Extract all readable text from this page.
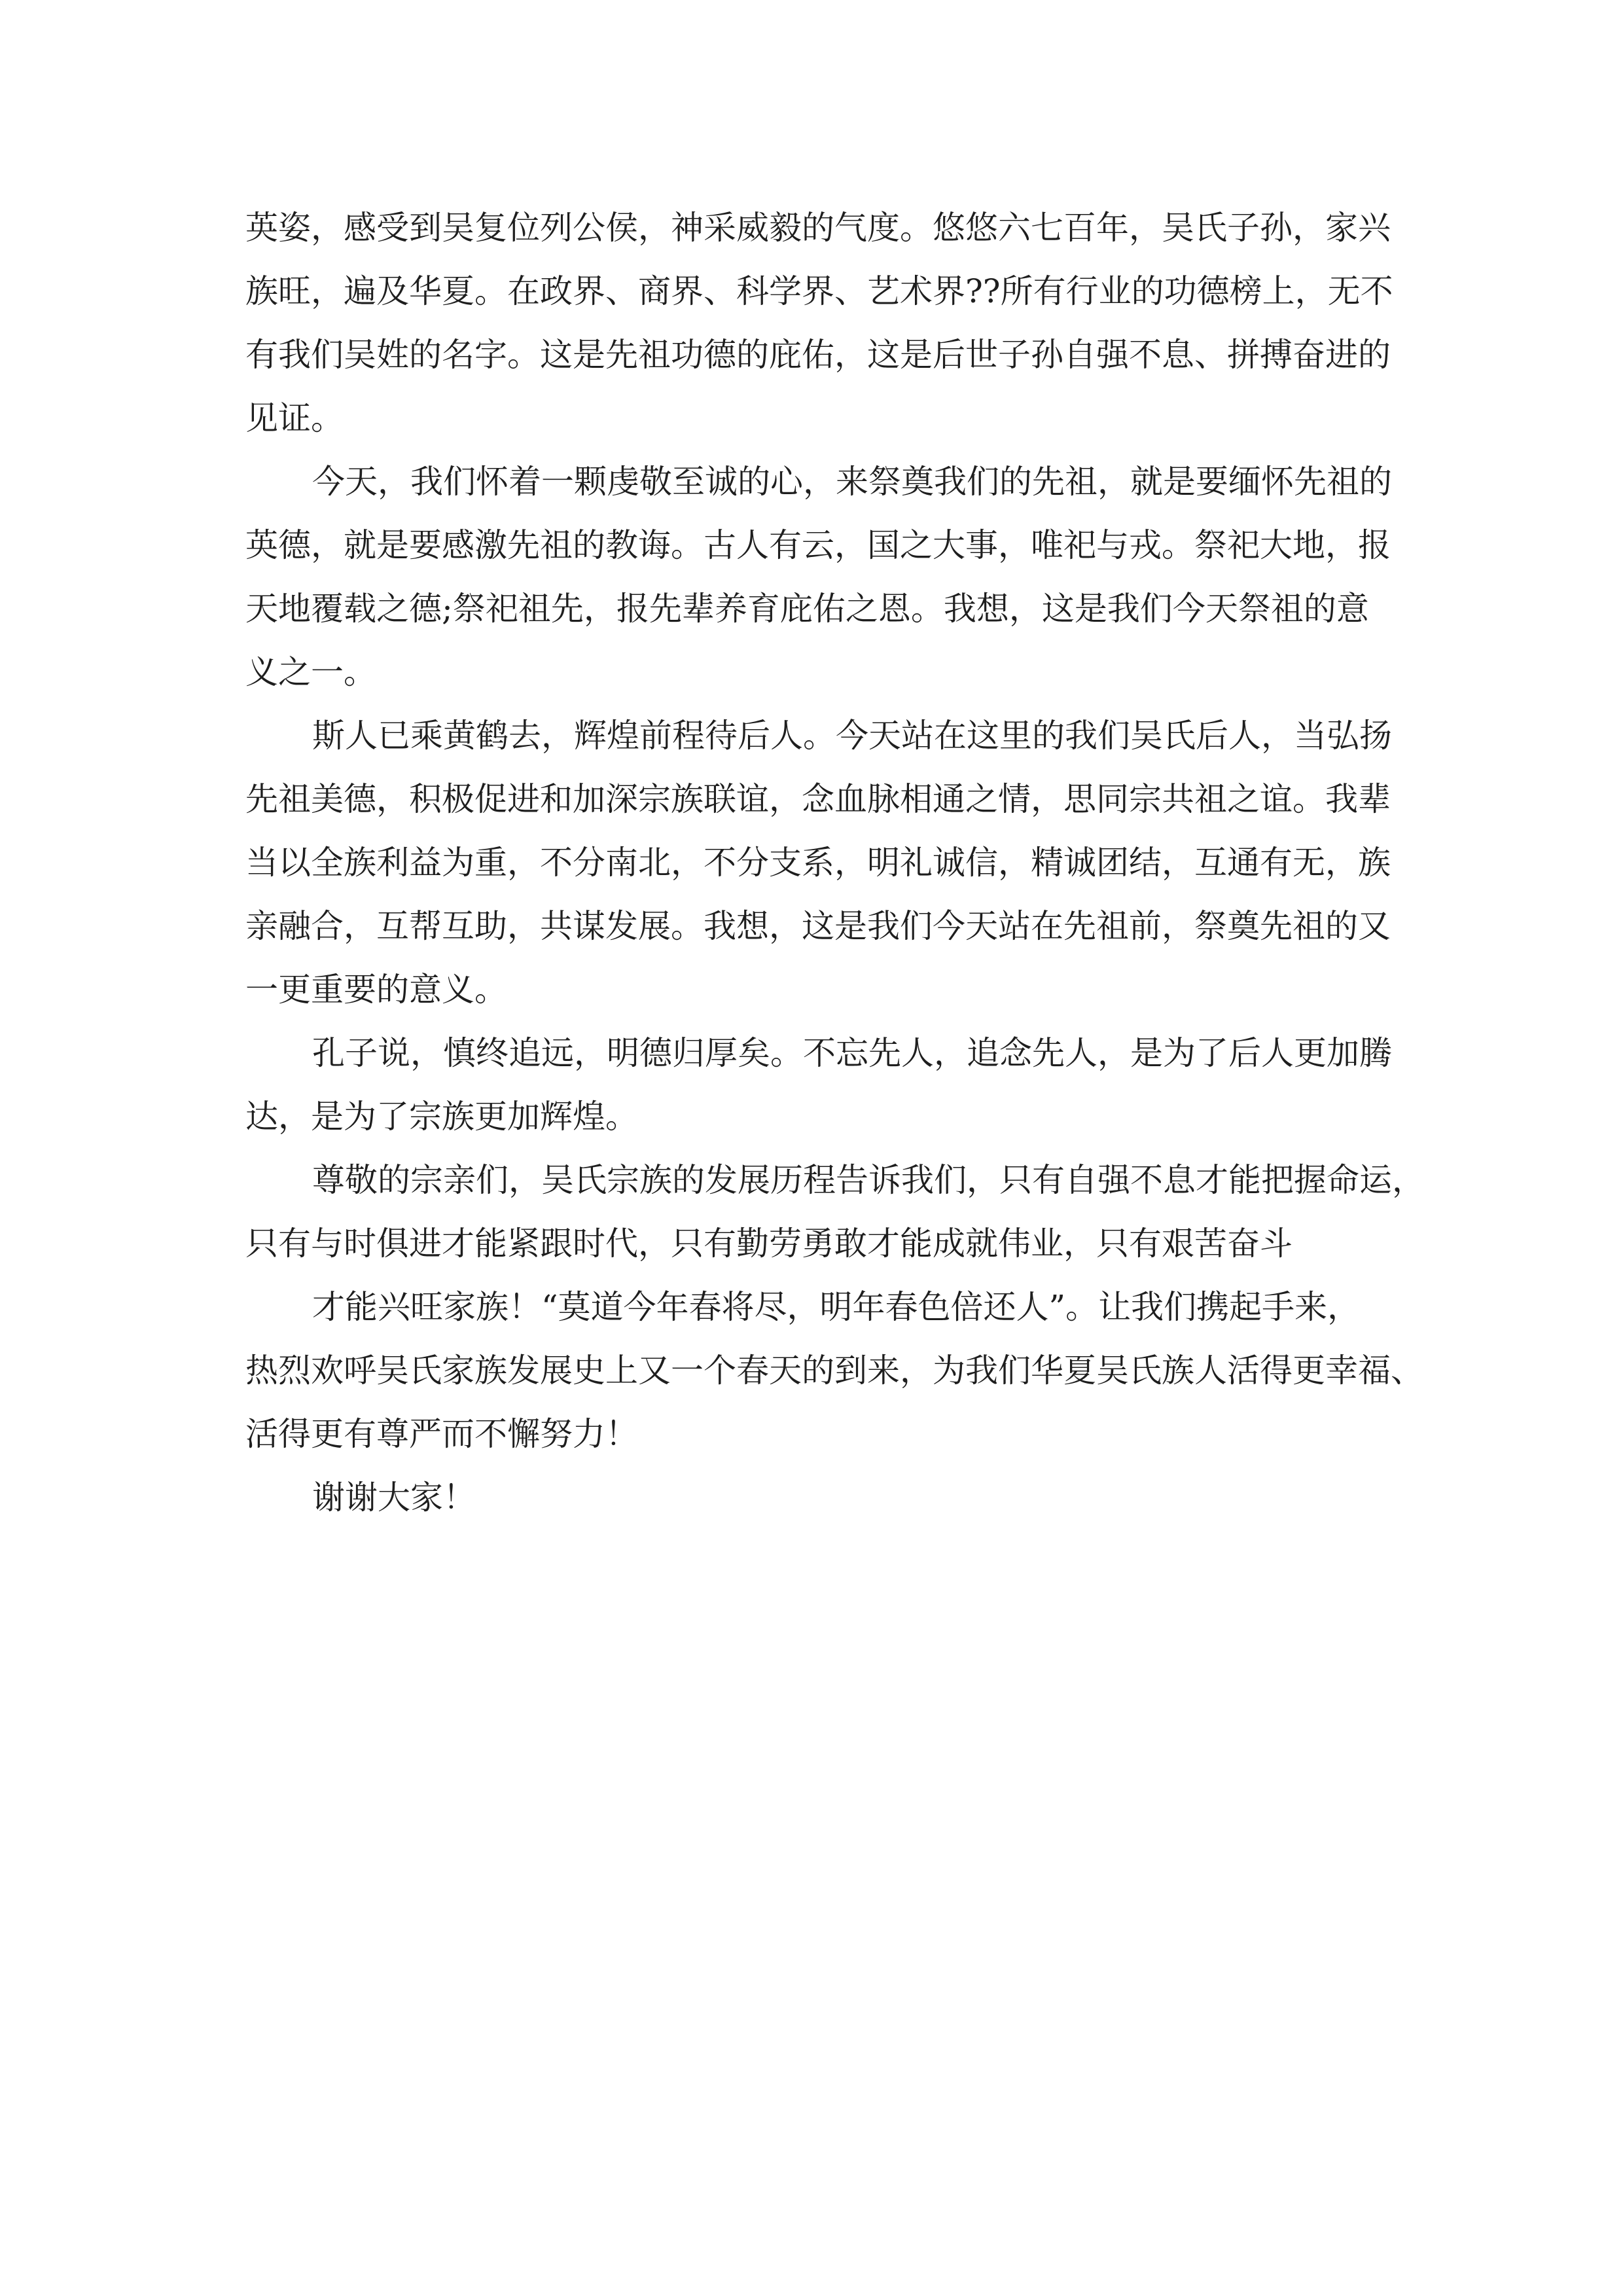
英姿，感受到吴复位列公侯，神采威毅的气度。悠悠六七百年，吴氏子孙，家兴
族旺，遍及华夏。在政界、商界、科学界、艺术界??所有行业的功德榜上，无不
有我们吴姓的名字。这是先祖功德的庇佑，这是后世子孙自强不息、拼搏奋进的
见证。
今天，我们怀着一颗虔敬至诚的心，来祭奠我们的先祖，就是要缅怀先祖的
英德，就是要感激先祖的教诲。古人有云，国之大事，唯祀与戎。祭祀大地，报
天地覆载之德;祭祀祖先，报先辈养育庇佑之恩。我想，这是我们今天祭祖的意
义之一。
斯人已乘黄鹤去，辉煌前程待后人。今天站在这里的我们吴氏后人，当弘扬
先祖美德，积极促进和加深宗族联谊，念血脉相通之情，思同宗共祖之谊。我辈
当以全族利益为重，不分南北，不分支系，明礼诚信，精诚团结，互通有无，族
亲融合，互帮互助，共谋发展。我想，这是我们今天站在先祖前，祭奠先祖的又
一更重要的意义。
孔子说，慎终追远，明德归厚矣。不忘先人，追念先人，是为了后人更加腾
达，是为了宗族更加辉煌。
尊敬的宗亲们，吴氏宗族的发展历程告诉我们，只有自强不息才能把握命运，
只有与时俱进才能紧跟时代，只有勤劳勇敢才能成就伟业，只有艰苦奋斗
才能兴旺家族！“莫道今年春将尽，明年春色倍还人”。让我们携起手来，
热烈欢呼吴氏家族发展史上又一个春天的到来，为我们华夏吴氏族人活得更幸福、
活得更有尊严而不懈努力！
谢谢大家！
